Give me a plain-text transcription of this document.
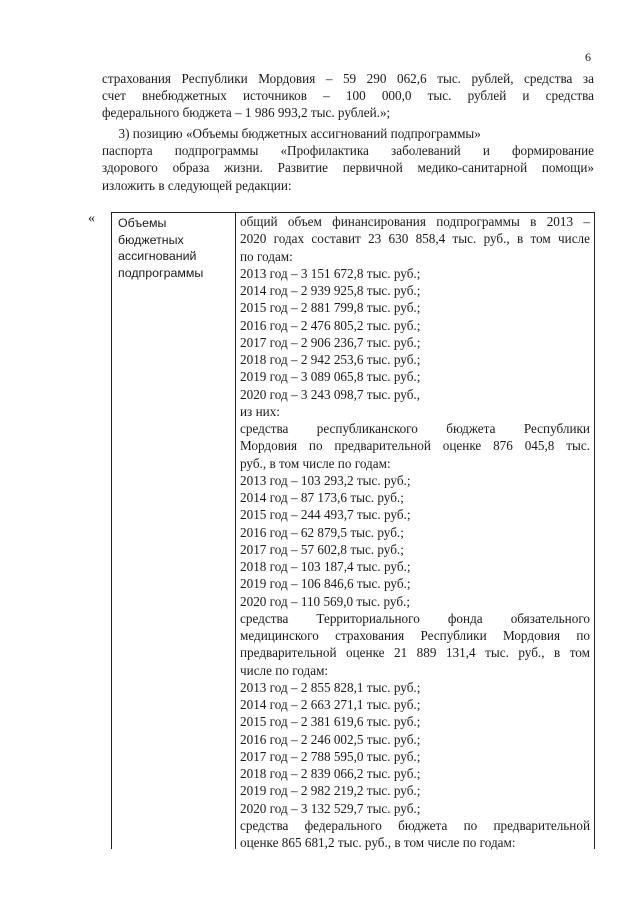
6
страхования Республики Мордовия – 59 290 062,6 тыс. рублей, средства за
счет внебюджетных источников – 100 000,0 тыс. рублей и средства
федерального бюджета – 1 986 993,2 тыс. рублей.»;
3) позицию «Объемы бюджетных ассигнований подпрограммы»
паспорта подпрограммы «Профилактика заболеваний и формирование
здорового образа жизни. Развитие первичной медико-санитарной помощи»
изложить в следующей редакции:
« Объемы
бюджетных
ассигнований
подпрограммы
общий объем финансирования подпрограммы в 2013 –
2020 годах составит 23 630 858,4 тыс. руб., в том числе
по годам:
2013 год – 3 151 672,8 тыс. руб.;
2014 год – 2 939 925,8 тыс. руб.;
2015 год – 2 881 799,8 тыс. руб.;
2016 год – 2 476 805,2 тыс. руб.;
2017 год – 2 906 236,7 тыс. руб.;
2018 год – 2 942 253,6 тыс. руб.;
2019 год – 3 089 065,8 тыс. руб.;
2020 год – 3 243 098,7 тыс. руб.,
из них:
средства республиканского бюджета Республики
Мордовия по предварительной оценке 876 045,8 тыс.
руб., в том числе по годам:
2013 год – 103 293,2 тыс. руб.;
2014 год – 87 173,6 тыс. руб.;
2015 год – 244 493,7 тыс. руб.;
2016 год – 62 879,5 тыс. руб.;
2017 год – 57 602,8 тыс. руб.;
2018 год – 103 187,4 тыс. руб.;
2019 год – 106 846,6 тыс. руб.;
2020 год – 110 569,0 тыс. руб.;
средства Территориального фонда обязательного
медицинского страхования Республики Мордовия по
предварительной оценке 21 889 131,4 тыс. руб., в том
числе по годам:
2013 год – 2 855 828,1 тыс. руб.;
2014 год – 2 663 271,1 тыс. руб.;
2015 год – 2 381 619,6 тыс. руб.;
2016 год – 2 246 002,5 тыс. руб.;
2017 год – 2 788 595,0 тыс. руб.;
2018 год – 2 839 066,2 тыс. руб.;
2019 год – 2 982 219,2 тыс. руб.;
2020 год – 3 132 529,7 тыс. руб.;
средства федерального бюджета по предварительной
оценке 865 681,2 тыс. руб., в том числе по годам:
